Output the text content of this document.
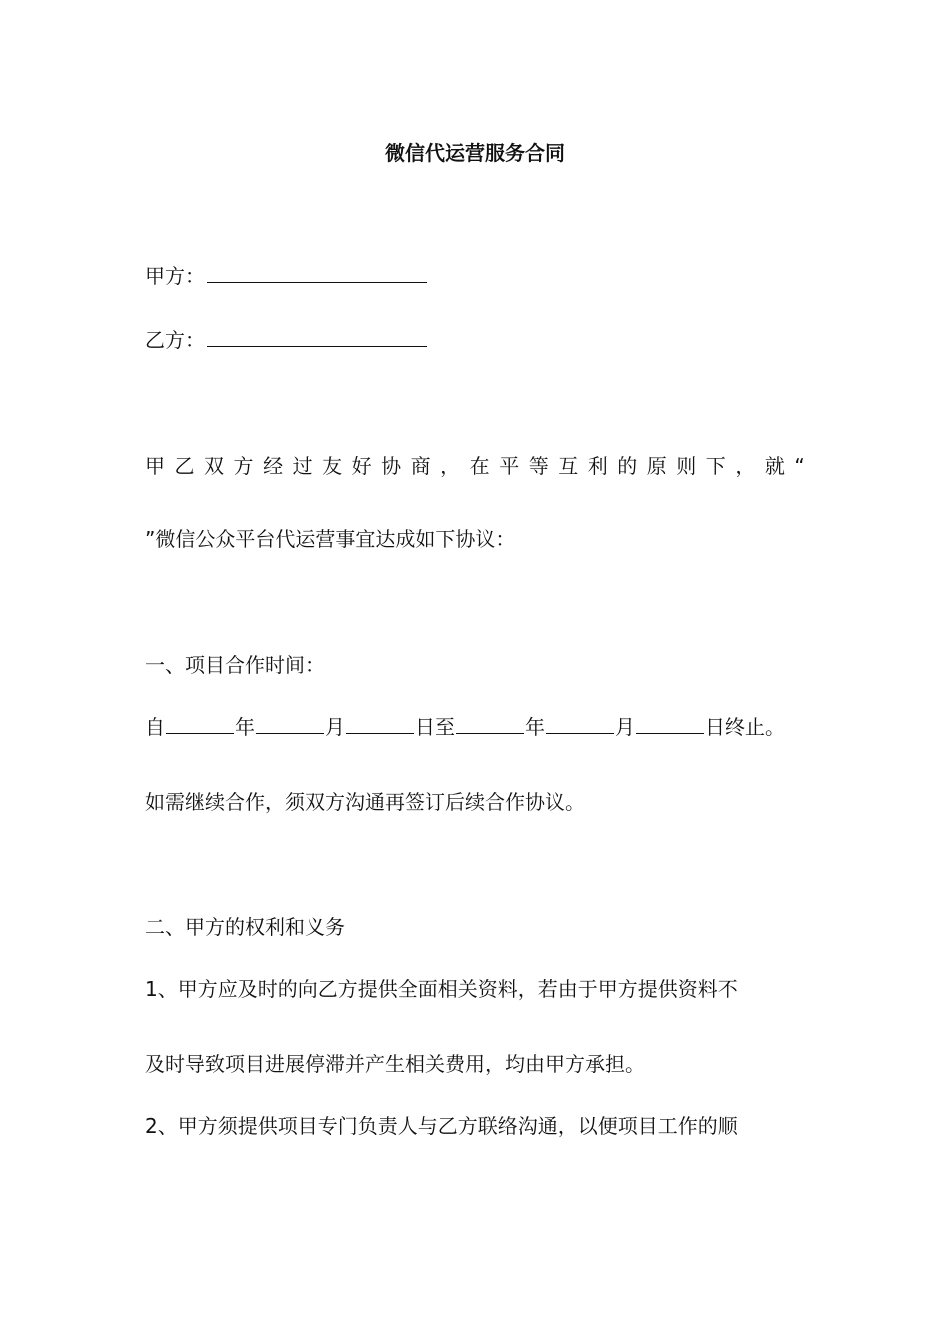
微信代运营服务合同
甲方：
乙方：
甲 乙 双 方 经 过 友 好 协 商 ， 在 平 等 互 利 的 原 则 下 ， 就 “
”微信公众平台代运营事宜达成如下协议：
一、项目合作时间：
自	年	月	日至	年	月	日终止。
如需继续合作，须双方沟通再签订后续合作协议。
二、甲方的权利和义务
1、甲方应及时的向乙方提供全面相关资料，若由于甲方提供资料不
及时导致项目进展停滞并产生相关费用，均由甲方承担。
2、甲方须提供项目专门负责人与乙方联络沟通，以便项目工作的顺
